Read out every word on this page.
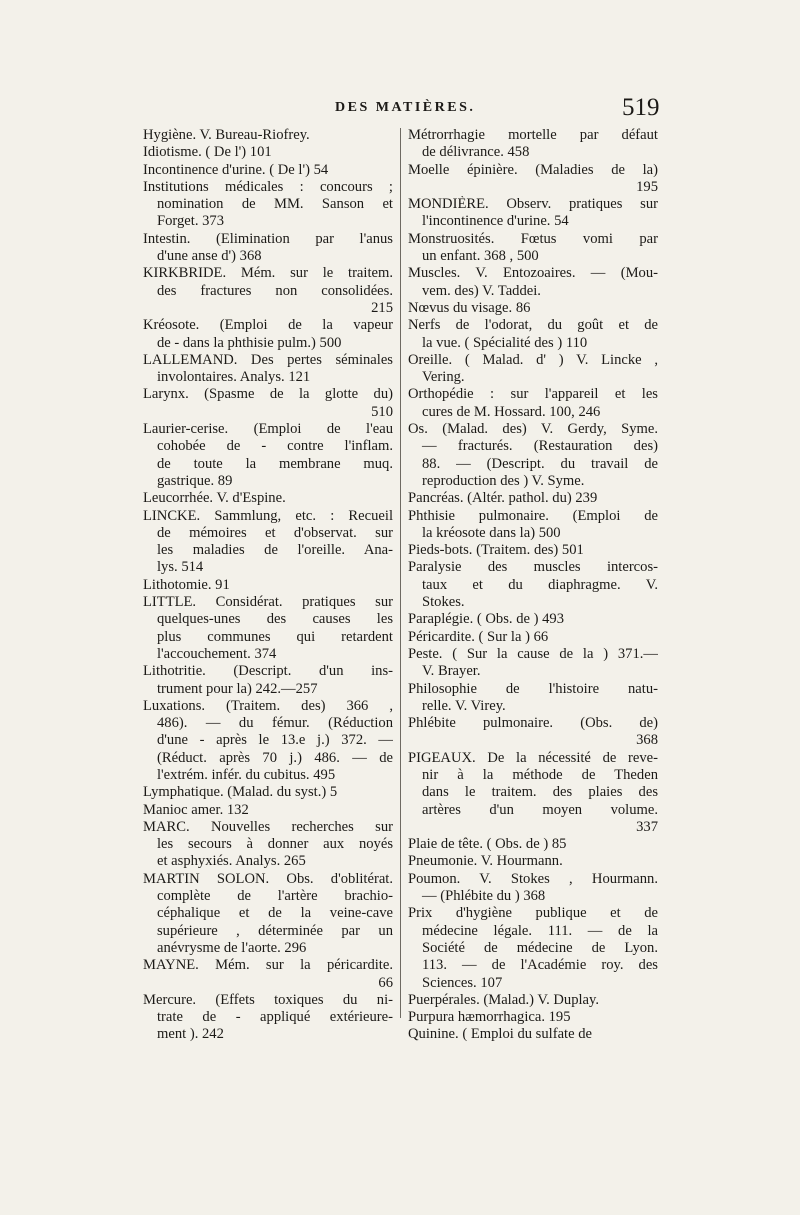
DES MATIÈRES.	519
Hygiène. V. Bureau-Riofrey.
Idiotisme. ( De l') 101
Incontinence d'urine. ( De l') 54
Institutions médicales : concours ;
nomination de MM. Sanson et
Forget. 373
Intestin. (Elimination par l'anus
d'une anse d') 368
KIRKBRIDE. Mém. sur le traitem.
des fractures non consolidées.
215
Kréosote. (Emploi de la vapeur
de - dans la phthisie pulm.) 500
LALLEMAND. Des pertes séminales
involontaires. Analys. 121
Larynx. (Spasme de la glotte du)
510
Laurier-cerise. (Emploi de l'eau
cohobée de - contre l'inflam.
de toute la membrane muq.
gastrique. 89
Leucorrhée. V. d'Espine.
LINCKE. Sammlung, etc. : Recueil
de mémoires et d'observat. sur
les maladies de l'oreille. Ana-
lys. 514
Lithotomie. 91
LITTLE. Considérat. pratiques sur
quelques-unes des causes les
plus communes qui retardent
l'accouchement. 374
Lithotritie. (Descript. d'un ins-
trument pour la) 242.—257
Luxations. (Traitem. des) 366 ,
486). — du fémur. (Réduction
d'une - après le 13.e j.) 372. —
(Réduct. après 70 j.) 486. — de
l'extrém. infér. du cubitus. 495
Lymphatique. (Malad. du syst.) 5
Manioc amer. 132
MARC. Nouvelles recherches sur
les secours à donner aux noyés
et asphyxiés. Analys. 265
MARTIN SOLON. Obs. d'oblitérat.
complète de l'artère brachio-
céphalique et de la veine-cave
supérieure , déterminée par un
anévrysme de l'aorte. 296
MAYNE. Mém. sur la péricardite.
66
Mercure. (Effets toxiques du ni-
trate de - appliqué extérieure-
ment ). 242
Métrorrhagie mortelle par défaut
de délivrance. 458
Moelle épinière. (Maladies de la)
195
MONDIÈRE. Observ. pratiques sur
l'incontinence d'urine. 54
Monstruosités. Fœtus vomi par
un enfant. 368 , 500
Muscles. V. Entozoaires. — (Mou-
vem. des) V. Taddei.
Nœvus du visage. 86
Nerfs de l'odorat, du goût et de
la vue. ( Spécialité des ) 110
Oreille. ( Malad. d' ) V. Lincke ,
Vering.
Orthopédie : sur l'appareil et les
cures de M. Hossard. 100, 246
Os. (Malad. des) V. Gerdy, Syme.
— fracturés. (Restauration des)
88. — (Descript. du travail de
reproduction des ) V. Syme.
Pancréas. (Altér. pathol. du) 239
Phthisie pulmonaire. (Emploi de
la kréosote dans la) 500
Pieds-bots. (Traitem. des) 501
Paralysie des muscles intercos-
taux et du diaphragme. V.
Stokes.
Paraplégie. ( Obs. de ) 493
Péricardite. ( Sur la ) 66
Peste. ( Sur la cause de la ) 371.—
V. Brayer.
Philosophie de l'histoire natu-
relle. V. Virey.
Phlébite pulmonaire. (Obs. de)
368
PIGEAUX. De la nécessité de reve-
nir à la méthode de Theden
dans le traitem. des plaies des
artères d'un moyen volume.
337
Plaie de tête. ( Obs. de ) 85
Pneumonie. V. Hourmann.
Poumon. V. Stokes , Hourmann.
— (Phlébite du ) 368
Prix d'hygiène publique et de
médecine légale. 111. — de la
Société de médecine de Lyon.
113. — de l'Académie roy. des
Sciences. 107
Puerpérales. (Malad.) V. Duplay.
Purpura hæmorrhagica. 195
Quinine. ( Emploi du sulfate de
